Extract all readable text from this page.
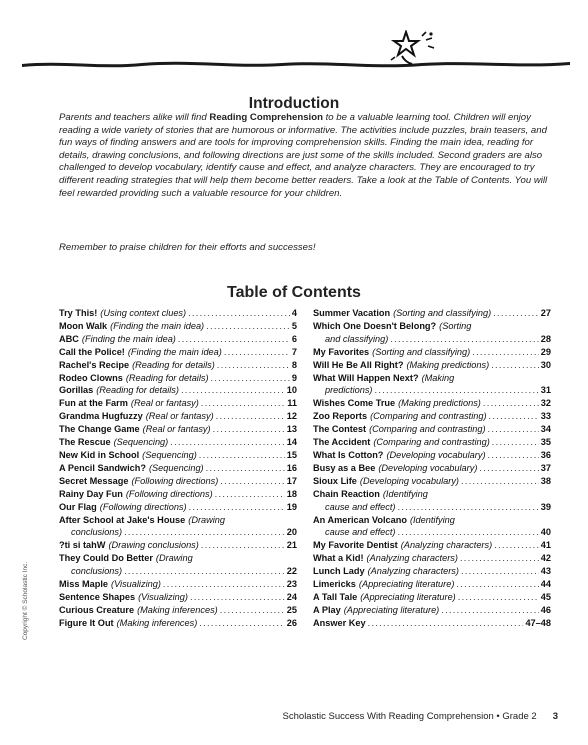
Introduction
Parents and teachers alike will find Reading Comprehension to be a valuable learning tool. Children will enjoy reading a wide variety of stories that are humorous or informative. The activities include puzzles, brain teasers, and fun ways of finding answers and are tools for improving comprehension skills. Finding the main idea, reading for details, drawing conclusions, and following directions are just some of the skills included. Second graders are also challenged to develop vocabulary, identify cause and effect, and analyze characters. They are encouraged to try different reading strategies that will help them become better readers. Take a look at the Table of Contents. You will feel rewarded providing such a valuable resource for your children.
Remember to praise children for their efforts and successes!
Table of Contents
Try This! (Using context clues) .....	4
Moon Walk (Finding the main idea) .....	5
ABC (Finding the main idea) .....	6
Call the Police! (Finding the main idea) .....	7
Rachel's Recipe (Reading for details) .....	8
Rodeo Clowns (Reading for details) .....	9
Gorillas (Reading for details) .....	10
Fun at the Farm (Real or fantasy) .....	11
Grandma Hugfuzzy (Real or fantasy) .....	12
The Change Game (Real or fantasy) .....	13
The Rescue (Sequencing) .....	14
New Kid in School (Sequencing) .....	15
A Pencil Sandwich? (Sequencing) .....	16
Secret Message (Following directions) .....	17
Rainy Day Fun (Following directions) .....	18
Our Flag (Following directions) .....	19
After School at Jake's House (Drawing
conclusions) .....	20
?ti si tahW (Drawing conclusions) .....	21
They Could Do Better (Drawing
conclusions) .....	22
Miss Maple (Visualizing) .....	23
Sentence Shapes (Visualizing) .....	24
Curious Creature (Making inferences) .....	25
Figure It Out (Making inferences) .....	26
Summer Vacation (Sorting and classifying) .....	27
Which One Doesn't Belong? (Sorting
and classifying) .....	28
My Favorites (Sorting and classifying) .....	29
Will He Be All Right? (Making predictions) .....	30
What Will Happen Next? (Making
predictions) .....	31
Wishes Come True (Making predictions) .....	32
Zoo Reports (Comparing and contrasting) .....	33
The Contest (Comparing and contrasting) .....	34
The Accident (Comparing and contrasting) .....	35
What Is Cotton? (Developing vocabulary) .....	36
Busy as a Bee (Developing vocabulary) .....	37
Sioux Life (Developing vocabulary) .....	38
Chain Reaction (Identifying
cause and effect) .....	39
An American Volcano (Identifying
cause and effect) .....	40
My Favorite Dentist (Analyzing characters) .....	41
What a Kid! (Analyzing characters) .....	42
Lunch Lady (Analyzing characters) .....	43
Limericks (Appreciating literature) .....	44
A Tall Tale (Appreciating literature) .....	45
A Play (Appreciating literature) .....	46
Answer Key .....	47–48
Copyright © Scholastic Inc.
Scholastic Success With Reading Comprehension • Grade 2 3
